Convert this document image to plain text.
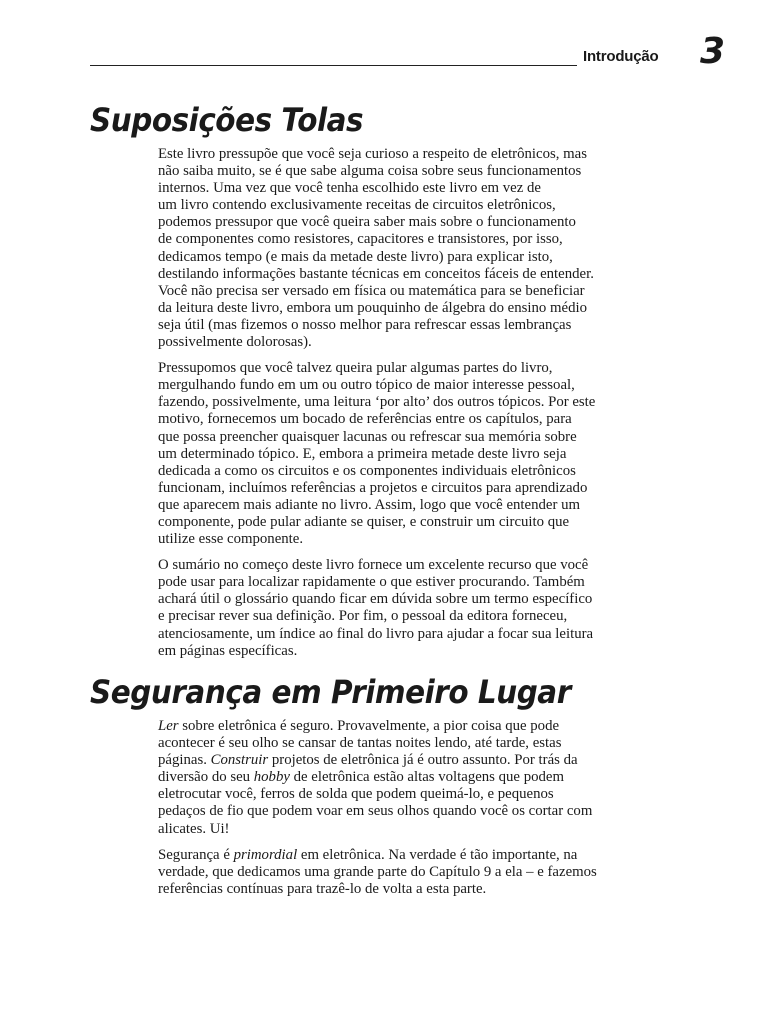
Introdução 3
Suposições Tolas

Este livro pressupõe que você seja curioso a respeito de eletrônicos, mas
não saiba muito, se é que sabe alguma coisa sobre seus funcionamentos
internos. Uma vez que você tenha escolhido este livro em vez de
um livro contendo exclusivamente receitas de circuitos eletrônicos,
podemos pressupor que você queira saber mais sobre o funcionamento
de componentes como resistores, capacitores e transistores, por isso,
dedicamos tempo (e mais da metade deste livro) para explicar isto,
destilando informações bastante técnicas em conceitos fáceis de entender.
Você não precisa ser versado em física ou matemática para se beneficiar
da leitura deste livro, embora um pouquinho de álgebra do ensino médio
seja útil (mas fizemos o nosso melhor para refrescar essas lembranças
possivelmente dolorosas).

Pressupomos que você talvez queira pular algumas partes do livro,
mergulhando fundo em um ou outro tópico de maior interesse pessoal,
fazendo, possivelmente, uma leitura ‘por alto’ dos outros tópicos. Por este
motivo, fornecemos um bocado de referências entre os capítulos, para
que possa preencher quaisquer lacunas ou refrescar sua memória sobre
um determinado tópico. E, embora a primeira metade deste livro seja
dedicada a como os circuitos e os componentes individuais eletrônicos
funcionam, incluímos referências a projetos e circuitos para aprendizado
que aparecem mais adiante no livro. Assim, logo que você entender um
componente, pode pular adiante se quiser, e construir um circuito que
utilize esse componente.

O sumário no começo deste livro fornece um excelente recurso que você
pode usar para localizar rapidamente o que estiver procurando. Também
achará útil o glossário quando ficar em dúvida sobre um termo específico
e precisar rever sua definição. Por fim, o pessoal da editora forneceu,
atenciosamente, um índice ao final do livro para ajudar a focar sua leitura
em páginas específicas.

Segurança em Primeiro Lugar

Ler sobre eletrônica é seguro. Provavelmente, a pior coisa que pode
acontecer é seu olho se cansar de tantas noites lendo, até tarde, estas
páginas. Construir projetos de eletrônica já é outro assunto. Por trás da
diversão do seu hobby de eletrônica estão altas voltagens que podem
eletrocutar você, ferros de solda que podem queimá-lo, e pequenos
pedaços de fio que podem voar em seus olhos quando você os cortar com
alicates. Ui!

Segurança é primordial em eletrônica. Na verdade é tão importante, na
verdade, que dedicamos uma grande parte do Capítulo 9 a ela – e fazemos
referências contínuas para trazê-lo de volta a esta parte.
